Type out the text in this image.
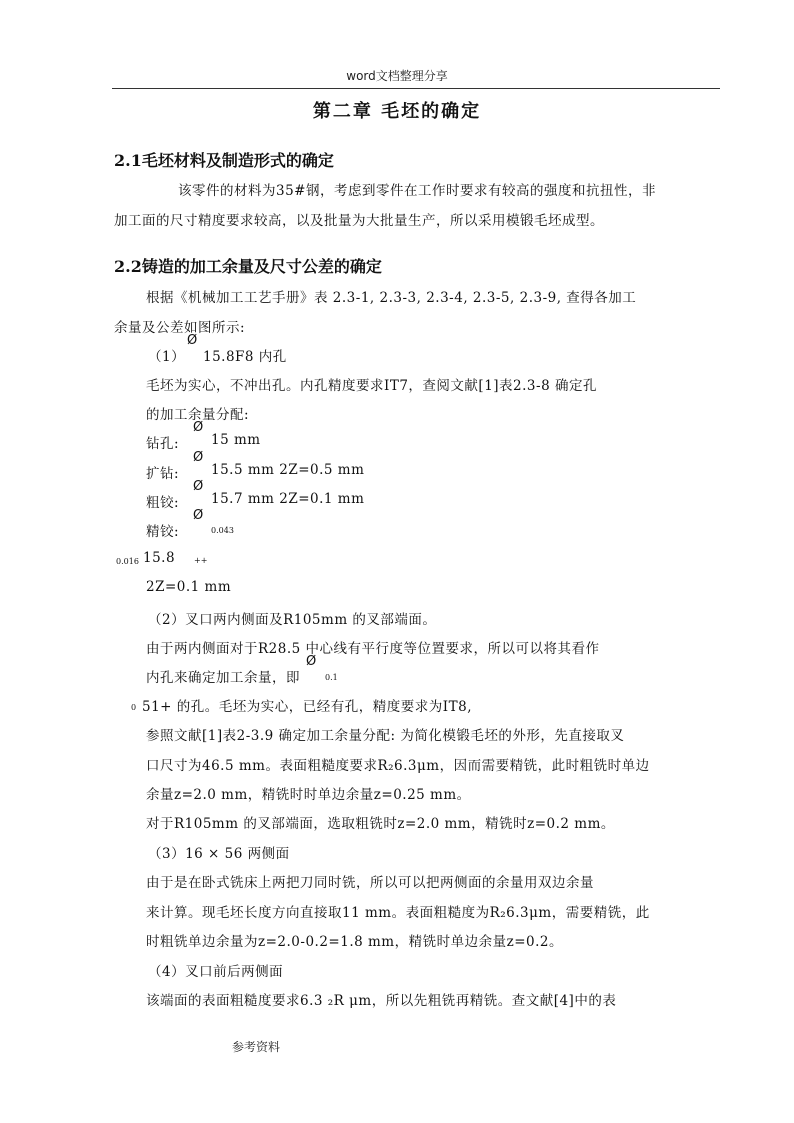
word文档整理分享
第二章 毛坯的确定
2.1毛坯材料及制造形式的确定
该零件的材料为35#钢，考虑到零件在工作时要求有较高的强度和抗扭性，非
加工面的尺寸精度要求较高，以及批量为大批量生产，所以采用模锻毛坯成型。
2.2铸造的加工余量及尺寸公差的确定
根据《机械加工工艺手册》表 2.3-1, 2.3-3, 2.3-4, 2.3-5, 2.3-9, 查得各加工
余量及公差如图所示:
（1）
Ø
15.8F8 内孔
毛坯为实心，不冲出孔。内孔精度要求IT7，查阅文献[1]表2.3-8 确定孔
的加工余量分配:
钻孔:
Ø
15 mm
扩钻:
Ø
15.5 mm 2Z=0.5 mm
粗铰:
Ø
15.7 mm 2Z=0.1 mm
精铰:
Ø
0.043
0.016 15.8 ++
2Z=0.1 mm
（2）叉口两内侧面及R105mm 的叉部端面。
由于两内侧面对于R28.5 中心线有平行度等位置要求，所以可以将其看作
内孔来确定加工余量，即
Ø
0.1
0 51+ 的孔。毛坯为实心，已经有孔，精度要求为IT8,
参照文献[1]表2-3.9 确定加工余量分配: 为简化模锻毛坯的外形，先直接取叉
口尺寸为46.5 mm。表面粗糙度要求R₂6.3μm，因而需要精铣，此时粗铣时单边
余量z=2.0 mm，精铣时时单边余量z=0.25 mm。
对于R105mm 的叉部端面，选取粗铣时z=2.0 mm，精铣时z=0.2 mm。
（3）16 × 56 两侧面
由于是在卧式铣床上两把刀同时铣，所以可以把两侧面的余量用双边余量
来计算。现毛坯长度方向直接取11 mm。表面粗糙度为R₂6.3μm，需要精铣，此
时粗铣单边余量为z=2.0-0.2=1.8 mm，精铣时单边余量z=0.2。
（4）叉口前后两侧面
该端面的表面粗糙度要求6.3 ₂R μm，所以先粗铣再精铣。查文献[4]中的表
参考资料
